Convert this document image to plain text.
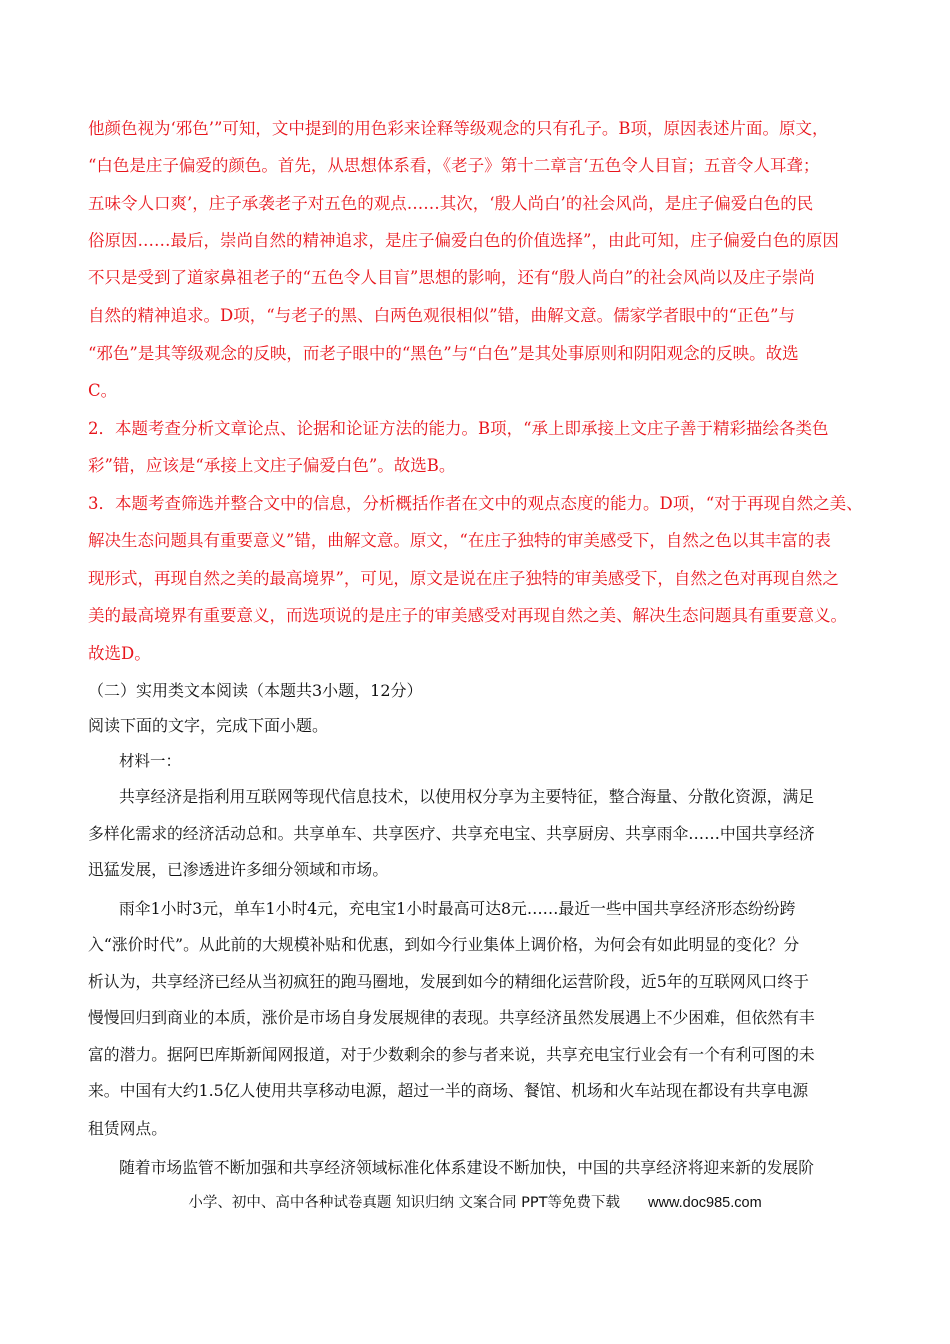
他颜色视为‘邪色’”可知，文中提到的用色彩来诠释等级观念的只有孔子。B项，原因表述片面。原文，
“白色是庄子偏爱的颜色。首先，从思想体系看，《老子》第十二章言‘五色令人目盲；五音令人耳聋；
五味令人口爽’，庄子承袭老子对五色的观点……其次，‘殷人尚白’的社会风尚，是庄子偏爱白色的民
俗原因……最后，崇尚自然的精神追求，是庄子偏爱白色的价值选择”，由此可知，庄子偏爱白色的原因
不只是受到了道家鼻祖老子的“五色令人目盲”思想的影响，还有“殷人尚白”的社会风尚以及庄子崇尚
自然的精神追求。D项，“与老子的黑、白两色观很相似”错，曲解文意。儒家学者眼中的“正色”与
“邪色”是其等级观念的反映，而老子眼中的“黑色”与“白色”是其处事原则和阴阳观念的反映。故选
C。
2．本题考查分析文章论点、论据和论证方法的能力。B项，“承上即承接上文庄子善于精彩描绘各类色
彩”错，应该是“承接上文庄子偏爱白色”。故选B。
3．本题考查筛选并整合文中的信息，分析概括作者在文中的观点态度的能力。D项，“对于再现自然之美、
解决生态问题具有重要意义”错，曲解文意。原文，“在庄子独特的审美感受下，自然之色以其丰富的表
现形式，再现自然之美的最高境界”，可见，原文是说在庄子独特的审美感受下，自然之色对再现自然之
美的最高境界有重要意义，而选项说的是庄子的审美感受对再现自然之美、解决生态问题具有重要意义。
故选D。
（二）实用类文本阅读（本题共3小题，12分）
阅读下面的文字，完成下面小题。
材料一：
共享经济是指利用互联网等现代信息技术，以使用权分享为主要特征，整合海量、分散化资源，满足
多样化需求的经济活动总和。共享单车、共享医疗、共享充电宝、共享厨房、共享雨伞……中国共享经济
迅猛发展，已渗透进许多细分领域和市场。
雨伞1小时3元，单车1小时4元，充电宝1小时最高可达8元……最近一些中国共享经济形态纷纷跨
入“涨价时代”。从此前的大规模补贴和优惠，到如今行业集体上调价格，为何会有如此明显的变化？分
析认为，共享经济已经从当初疯狂的跑马圈地，发展到如今的精细化运营阶段，近5年的互联网风口终于
慢慢回归到商业的本质，涨价是市场自身发展规律的表现。共享经济虽然发展遇上不少困难，但依然有丰
富的潜力。据阿巴库斯新闻网报道，对于少数剩余的参与者来说，共享充电宝行业会有一个有利可图的未
来。中国有大约1.5亿人使用共享移动电源，超过一半的商场、餐馆、机场和火车站现在都设有共享电源
租赁网点。
随着市场监管不断加强和共享经济领域标准化体系建设不断加快，中国的共享经济将迎来新的发展阶
小学、初中、高中各种试卷真题 知识归纳 文案合同 PPT等免费下载 www.doc985.com
